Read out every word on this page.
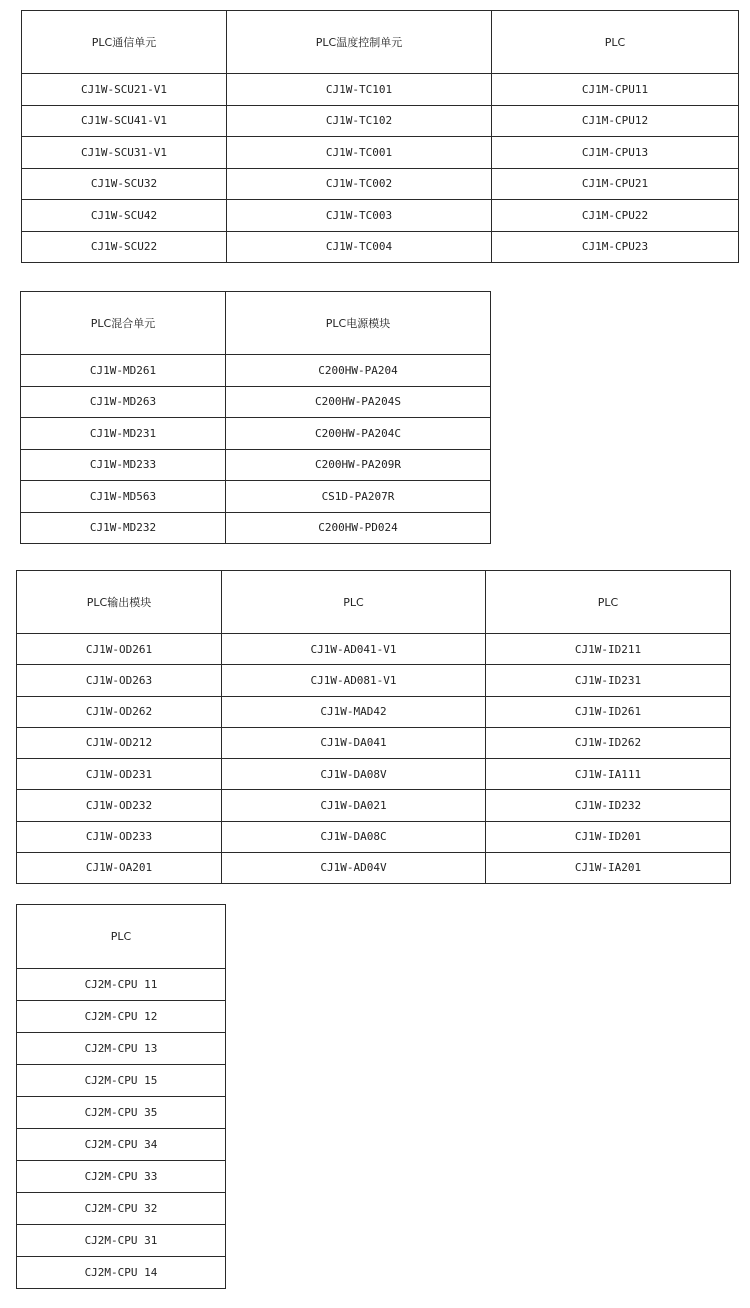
PLC通信单元	PLC温度控制单元	PLC
CJ1W-SCU21-V1	CJ1W-TC101	CJ1M-CPU11
CJ1W-SCU41-V1	CJ1W-TC102	CJ1M-CPU12
CJ1W-SCU31-V1	CJ1W-TC001	CJ1M-CPU13
CJ1W-SCU32	CJ1W-TC002	CJ1M-CPU21
CJ1W-SCU42	CJ1W-TC003	CJ1M-CPU22
CJ1W-SCU22	CJ1W-TC004	CJ1M-CPU23
PLC混合单元	PLC电源模块
CJ1W-MD261	C200HW-PA204
CJ1W-MD263	C200HW-PA204S
CJ1W-MD231	C200HW-PA204C
CJ1W-MD233	C200HW-PA209R
CJ1W-MD563	CS1D-PA207R
CJ1W-MD232	C200HW-PD024
PLC输出模块	PLC	PLC
CJ1W-OD261	CJ1W-AD041-V1	CJ1W-ID211
CJ1W-OD263	CJ1W-AD081-V1	CJ1W-ID231
CJ1W-OD262	CJ1W-MAD42	CJ1W-ID261
CJ1W-OD212	CJ1W-DA041	CJ1W-ID262
CJ1W-OD231	CJ1W-DA08V	CJ1W-IA111
CJ1W-OD232	CJ1W-DA021	CJ1W-ID232
CJ1W-OD233	CJ1W-DA08C	CJ1W-ID201
CJ1W-OA201	CJ1W-AD04V	CJ1W-IA201
PLC
CJ2M-CPU 11
CJ2M-CPU 12
CJ2M-CPU 13
CJ2M-CPU 15
CJ2M-CPU 35
CJ2M-CPU 34
CJ2M-CPU 33
CJ2M-CPU 32
CJ2M-CPU 31
CJ2M-CPU 14
